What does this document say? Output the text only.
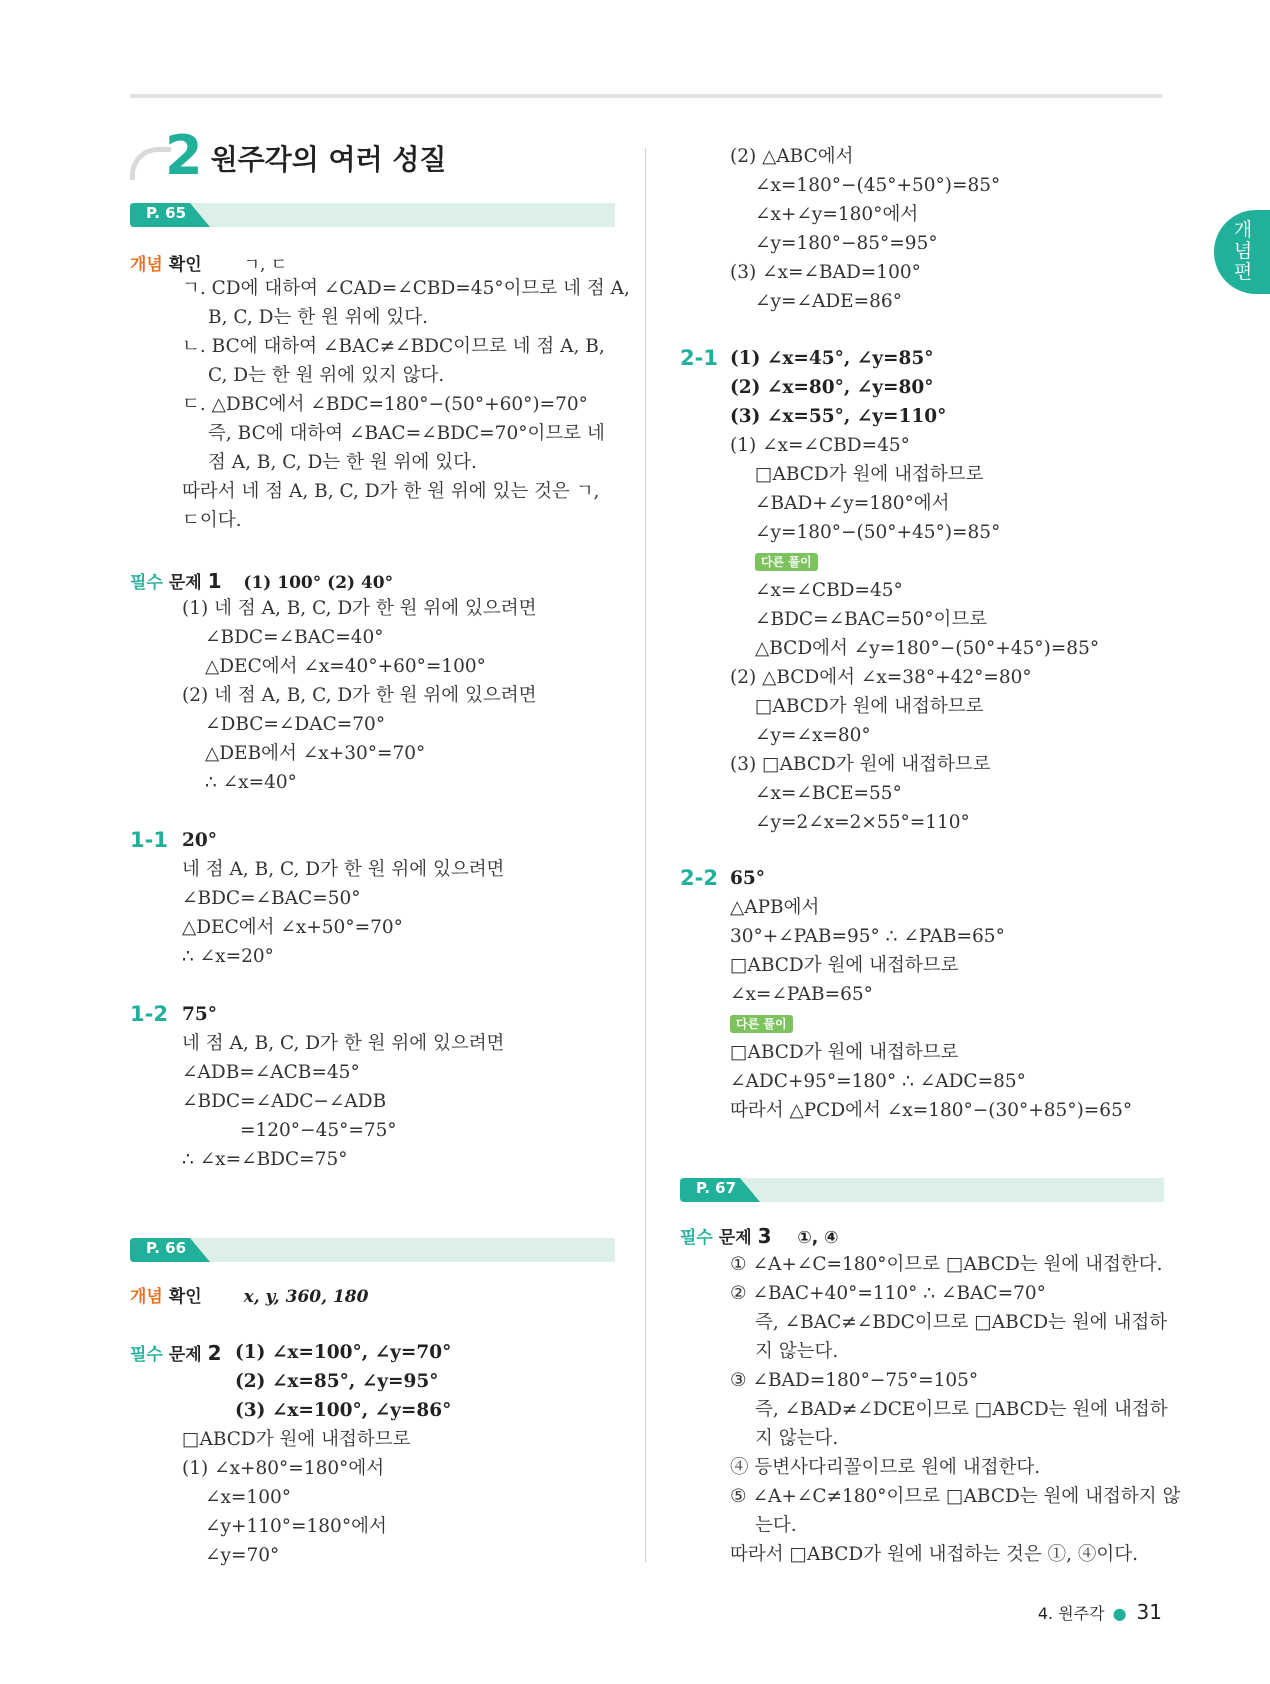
2 원주각의 여러 성질
개념편
P. 65
개념 확인 ㄱ, ㄷ
ㄱ. CD에 대하여 ∠CAD=∠CBD=45°이므로 네 점 A,
B, C, D는 한 원 위에 있다.
ㄴ. BC에 대하여 ∠BAC≠∠BDC이므로 네 점 A, B,
C, D는 한 원 위에 있지 않다.
ㄷ. △DBC에서 ∠BDC=180°−(50°+60°)=70°
즉, BC에 대하여 ∠BAC=∠BDC=70°이므로 네
점 A, B, C, D는 한 원 위에 있다.
따라서 네 점 A, B, C, D가 한 원 위에 있는 것은 ㄱ,
ㄷ이다.
필수 문제 1 (1) 100° (2) 40°
(1) 네 점 A, B, C, D가 한 원 위에 있으려면
∠BDC=∠BAC=40°
△DEC에서 ∠x=40°+60°=100°
(2) 네 점 A, B, C, D가 한 원 위에 있으려면
∠DBC=∠DAC=70°
△DEB에서 ∠x+30°=70°
∴ ∠x=40°
1-1 20°
네 점 A, B, C, D가 한 원 위에 있으려면
∠BDC=∠BAC=50°
△DEC에서 ∠x+50°=70°
∴ ∠x=20°
1-2 75°
네 점 A, B, C, D가 한 원 위에 있으려면
∠ADB=∠ACB=45°
∠BDC=∠ADC−∠ADB
=120°−45°=75°
∴ ∠x=∠BDC=75°
P. 66
개념 확인 x, y, 360, 180
필수 문제 2 (1) ∠x=100°, ∠y=70°
(2) ∠x=85°, ∠y=95°
(3) ∠x=100°, ∠y=86°
□ABCD가 원에 내접하므로
(1) ∠x+80°=180°에서
∠x=100°
∠y+110°=180°에서
∠y=70°
(2) △ABC에서
∠x=180°−(45°+50°)=85°
∠x+∠y=180°에서
∠y=180°−85°=95°
(3) ∠x=∠BAD=100°
∠y=∠ADE=86°
2-1 (1) ∠x=45°, ∠y=85°
(2) ∠x=80°, ∠y=80°
(3) ∠x=55°, ∠y=110°
(1) ∠x=∠CBD=45°
□ABCD가 원에 내접하므로
∠BAD+∠y=180°에서
∠y=180°−(50°+45°)=85°
다른 풀이
∠x=∠CBD=45°
∠BDC=∠BAC=50°이므로
△BCD에서 ∠y=180°−(50°+45°)=85°
(2) △BCD에서 ∠x=38°+42°=80°
□ABCD가 원에 내접하므로
∠y=∠x=80°
(3) □ABCD가 원에 내접하므로
∠x=∠BCE=55°
∠y=2∠x=2×55°=110°
2-2 65°
△APB에서
30°+∠PAB=95° ∴ ∠PAB=65°
□ABCD가 원에 내접하므로
∠x=∠PAB=65°
다른 풀이
□ABCD가 원에 내접하므로
∠ADC+95°=180° ∴ ∠ADC=85°
따라서 △PCD에서 ∠x=180°−(30°+85°)=65°
P. 67
필수 문제 3 ①, ④
① ∠A+∠C=180°이므로 □ABCD는 원에 내접한다.
② ∠BAC+40°=110° ∴ ∠BAC=70°
즉, ∠BAC≠∠BDC이므로 □ABCD는 원에 내접하
지 않는다.
③ ∠BAD=180°−75°=105°
즉, ∠BAD≠∠DCE이므로 □ABCD는 원에 내접하
지 않는다.
④ 등변사다리꼴이므로 원에 내접한다.
⑤ ∠A+∠C≠180°이므로 □ABCD는 원에 내접하지 않
는다.
따라서 □ABCD가 원에 내접하는 것은 ①, ④이다.
4. 원주각 ● 31
